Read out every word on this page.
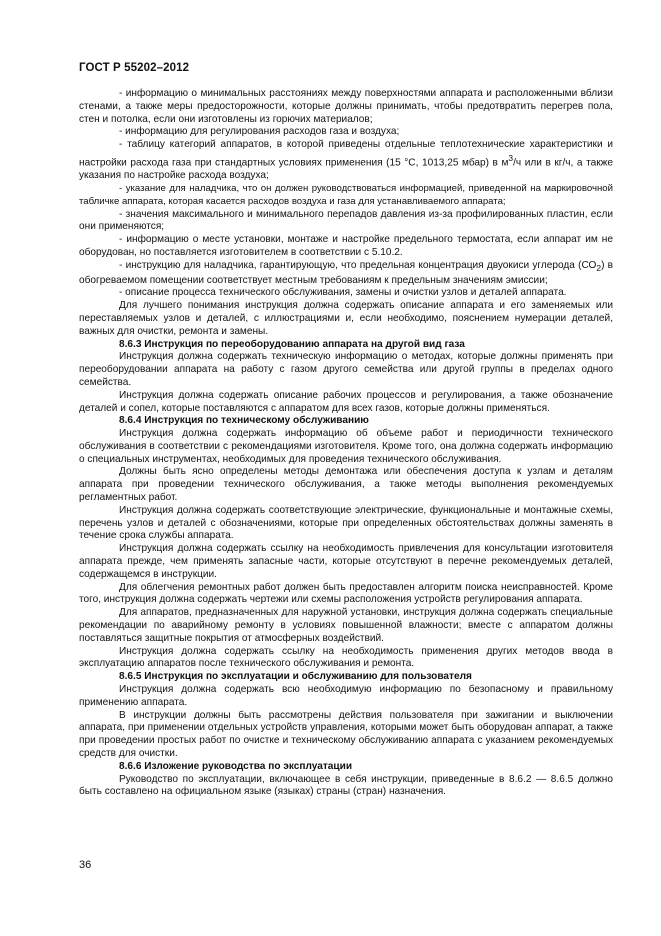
ГОСТ Р 55202–2012

- информацию о минимальных расстояниях между поверхностями аппарата и расположенными вблизи стенами, а также меры предосторожности, которые должны принимать, чтобы предотвратить перегрев пола, стен и потолка, если они изготовлены из горючих материалов;

- информацию для регулирования расходов газа и воздуха;

- таблицу категорий аппаратов, в которой приведены отдельные теплотехнические характеристики и настройки расхода газа при стандартных условиях применения (15 °С, 1013,25 мбар) в $м^3/ч$ или в кг/ч, а также указания по настройке расхода воздуха;

- указание для наладчика, что он должен руководствоваться информацией, приведенной на маркировочной табличке аппарата, которая касается расходов воздуха и газа для устанавливаемого аппарата;

- значения максимального и минимального перепадов давления из-за профилированных пластин, если они применяются;

- информацию о месте установки, монтаже и настройке предельного термостата, если аппарат им не оборудован, но поставляется изготовителем в соответствии с 5.10.2.

- инструкцию для наладчика, гарантирующую, что предельная концентрация двуокиси углерода $(СО_2)$ в обогреваемом помещении соответствует местным требованиям к предельным значениям эмиссии;

- описание процесса технического обслуживания, замены и очистки узлов и деталей аппарата.

Для лучшего понимания инструкция должна содержать описание аппарата и его заменяемых или переставляемых узлов и деталей, с иллюстрациями и, если необходимо, пояснением нумерации деталей, важных для очистки, ремонта и замены.

8.6.3 Инструкция по переоборудованию аппарата на другой вид газа

Инструкция должна содержать техническую информацию о методах, которые должны применять при переоборудовании аппарата на работу с газом другого семейства или другой группы в пределах одного семейства.

Инструкция должна содержать описание рабочих процессов и регулирования, а также обозначение деталей и сопел, которые поставляются с аппаратом для всех газов, которые должны применяться.

8.6.4 Инструкция по техническому обслуживанию

Инструкция должна содержать информацию об объеме работ и периодичности технического обслуживания в соответствии с рекомендациями изготовителя. Кроме того, она должна содержать информацию о специальных инструментах, необходимых для проведения технического обслуживания.

Должны быть ясно определены методы демонтажа или обеспечения доступа к узлам и деталям аппарата при проведении технического обслуживания, а также методы выполнения рекомендуемых регламентных работ.

Инструкция должна содержать соответствующие электрические, функциональные и монтажные схемы, перечень узлов и деталей с обозначениями, которые при определенных обстоятельствах должны заменять в течение срока службы аппарата.

Инструкция должна содержать ссылку на необходимость привлечения для консультации изготовителя аппарата прежде, чем применять запасные части, которые отсутствуют в перечне рекомендуемых деталей, содержащемся в инструкции.

Для облегчения ремонтных работ должен быть предоставлен алгоритм поиска неисправностей. Кроме того, инструкция должна содержать чертежи или схемы расположения устройств регулирования аппарата.

Для аппаратов, предназначенных для наружной установки, инструкция должна содержать специальные рекомендации по аварийному ремонту в условиях повышенной влажности; вместе с аппаратом должны поставляться защитные покрытия от атмосферных воздействий.

Инструкция должна содержать ссылку на необходимость применения других методов ввода в эксплуатацию аппаратов после технического обслуживания и ремонта.

8.6.5 Инструкция по эксплуатации и обслуживанию для пользователя

Инструкция должна содержать всю необходимую информацию по безопасному и правильному применению аппарата.

В инструкции должны быть рассмотрены действия пользователя при зажигании и выключении аппарата, при применении отдельных устройств управления, которыми может быть оборудован аппарат, а также при проведении простых работ по очистке и техническому обслуживанию аппарата с указанием рекомендуемых средств для очистки.

8.6.6 Изложение руководства по эксплуатации

Руководство по эксплуатации, включающее в себя инструкции, приведенные в 8.6.2 — 8.6.5 должно быть составлено на официальном языке (языках) страны (стран) назначения.

36
